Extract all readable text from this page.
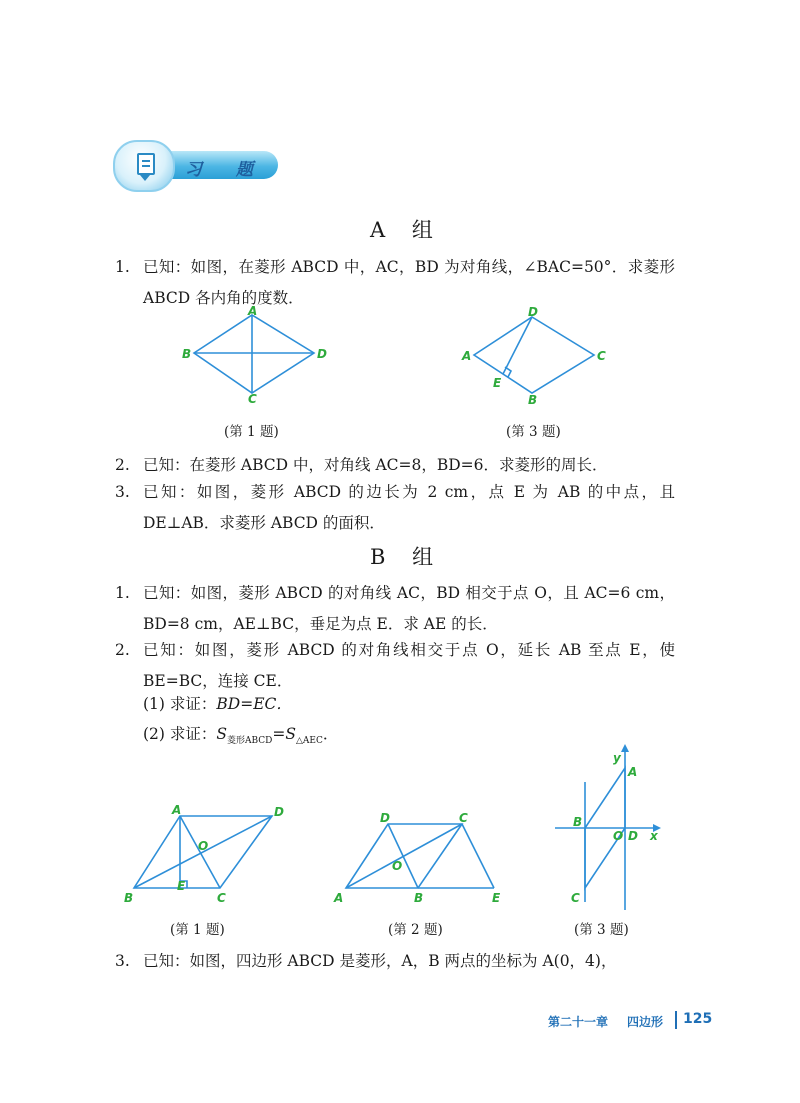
习 题
A 组
1. 已知：如图，在菱形 ABCD 中，AC，BD 为对角线，∠BAC=50°．求菱形 ABCD 各内角的度数．
A
B
C
D
(第 1 题)
D
A	C
E
B
(第 3 题)
2. 已知：在菱形 ABCD 中，对角线 AC=8，BD=6．求菱形的周长．
3. 已知：如图，菱形 ABCD 的边长为 2 cm，点 E 为 AB 的中点，且 DE⊥AB．求菱形 ABCD 的面积．
B 组
1. 已知：如图，菱形 ABCD 的对角线 AC，BD 相交于点 O，且 AC=6 cm，BD=8 cm，AE⊥BC，垂足为点 E．求 AE 的长．
2. 已知：如图，菱形 ABCD 的对角线相交于点 O，延长 AB 至点 E，使 BE=BC，连接 CE．
(1) 求证：BD=EC．
(2) 求证：$S_{菱形ABCD}=S_{\triangle AEC}$．
A	D
O
B
E
C
(第 1 题)
D	C
O
A	B	E
(第 2 题)
y
A
B
O D x
C
(第 3 题)
3. 已知：如图，四边形 ABCD 是菱形，A，B 两点的坐标为 A(0，4)，
第二十一章 四边形 125
